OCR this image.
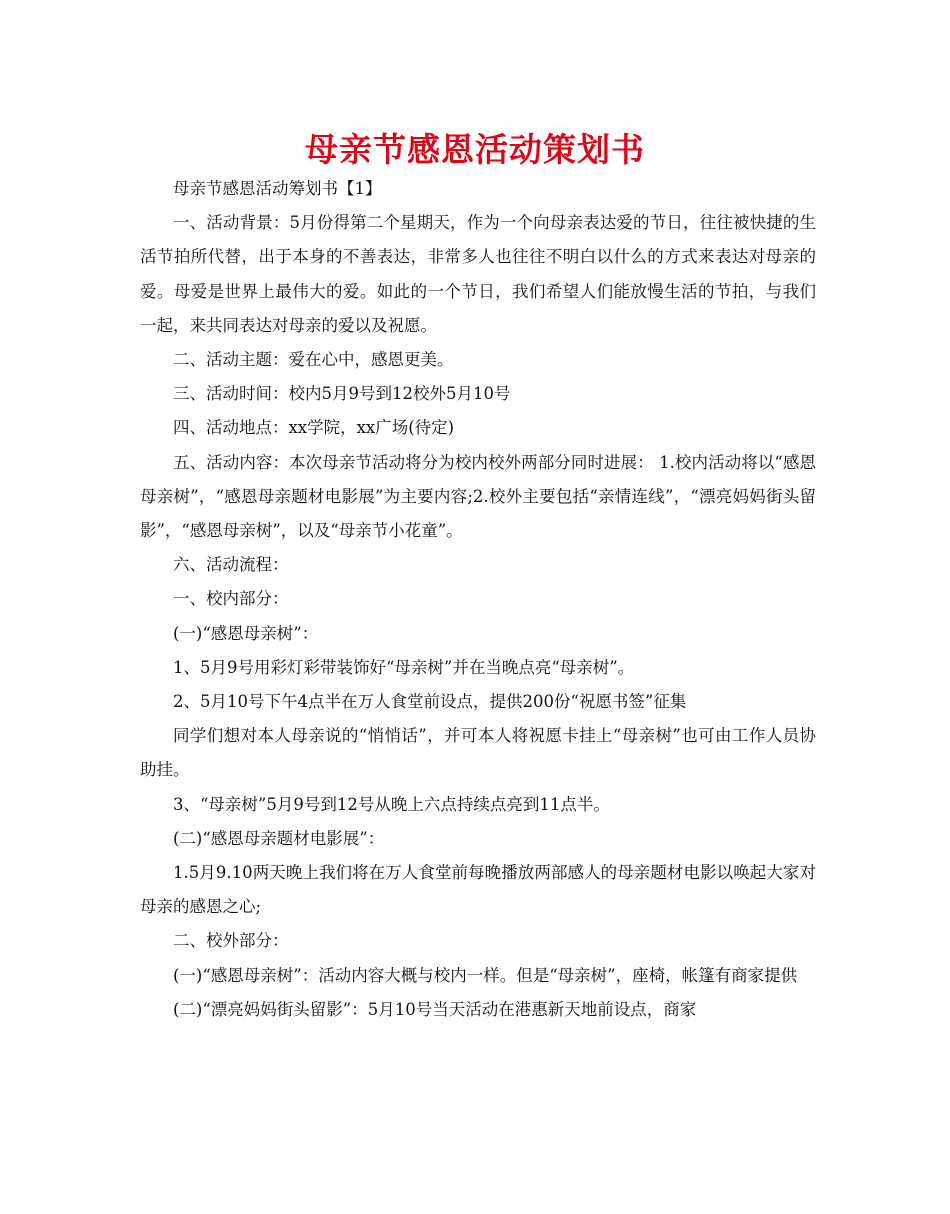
母亲节感恩活动策划书

母亲节感恩活动筹划书【1】

一、活动背景：5月份得第二个星期天，作为一个向母亲表达爱的节日，往往被快捷的生活节拍所代替，出于本身的不善表达，非常多人也往往不明白以什么的方式来表达对母亲的爱。母爱是世界上最伟大的爱。如此的一个节日，我们希望人们能放慢生活的节拍，与我们一起，来共同表达对母亲的爱以及祝愿。

二、活动主题：爱在心中，感恩更美。

三、活动时间：校内5月9号到12校外5月10号

四、活动地点：xx学院，xx广场(待定)

五、活动内容：本次母亲节活动将分为校内校外两部分同时进展： 1.校内活动将以“感恩母亲树”，“感恩母亲题材电影展”为主要内容;2.校外主要包括“亲情连线”，“漂亮妈妈街头留影”，“感恩母亲树”，以及“母亲节小花童”。

六、活动流程：

一、校内部分：

(一)“感恩母亲树”：

1、5月9号用彩灯彩带装饰好“母亲树”并在当晚点亮“母亲树”。

2、5月10号下午4点半在万人食堂前设点，提供200份“祝愿书签”征集

同学们想对本人母亲说的“悄悄话”，并可本人将祝愿卡挂上“母亲树”也可由工作人员协助挂。

3、“母亲树”5月9号到12号从晚上六点持续点亮到11点半。

(二)“感恩母亲题材电影展”：

1.5月9.10两天晚上我们将在万人食堂前每晚播放两部感人的母亲题材电影以唤起大家对母亲的感恩之心;

二、校外部分：

(一)“感恩母亲树”：活动内容大概与校内一样。但是“母亲树”，座椅，帐篷有商家提供

(二)“漂亮妈妈街头留影”：5月10号当天活动在港惠新天地前设点，商家
